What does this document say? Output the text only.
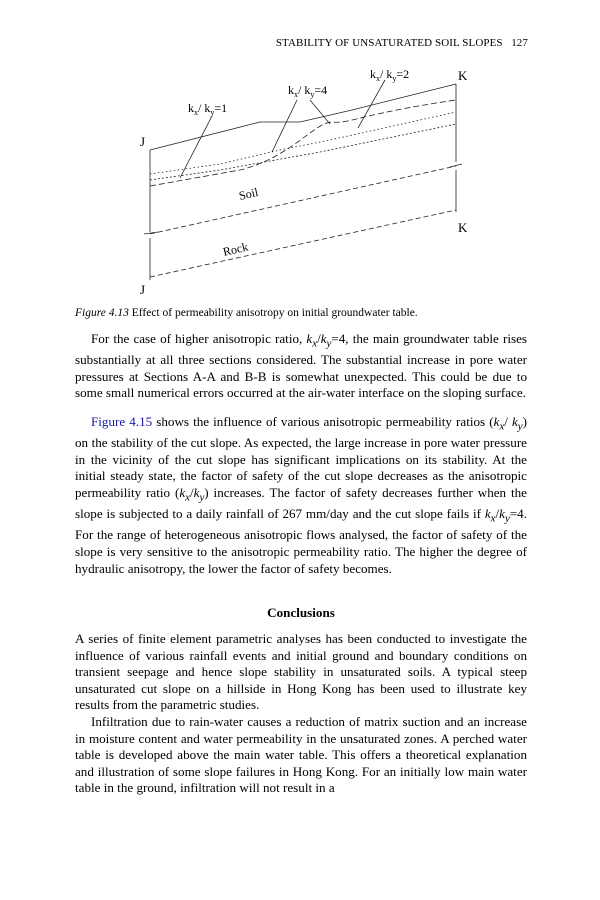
STABILITY OF UNSATURATED SOIL SLOPES 127
J
J
K
K
$k_x/$ $k_y=1$
$k_x/$ $k_y=4$
$k_x/$ $k_y=2$
Soil
Rock
Figure 4.13 Effect of permeability anisotropy on initial groundwater table.

For the case of higher anisotropic ratio, $k_x/k_y=4$, the main groundwater table rises substantially at all three sections considered. The substantial increase in pore water pressures at Sections A-A and B-B is somewhat unexpected. This could be due to some small numerical errors occurred at the air-water interface on the sloping surface.

Figure 4.15 shows the influence of various anisotropic permeability ratios ($k_x/$ $k_y$) on the stability of the cut slope. As expected, the large increase in pore water pressure in the vicinity of the cut slope has significant implications on its stability. At the initial steady state, the factor of safety of the cut slope decreases as the anisotropic permeability ratio $(k_x/k_y)$ increases. The factor of safety decreases further when the slope is subjected to a daily rainfall of 267 mm/day and the cut slope fails if $k_x/k_y=4$. For the range of heterogeneous anisotropic flows analysed, the factor of safety of the slope is very sensitive to the anisotropic permeability ratio. The higher the degree of hydraulic anisotropy, the lower the factor of safety becomes.

Conclusions

A series of finite element parametric analyses has been conducted to investigate the influence of various rainfall events and initial ground and boundary conditions on transient seepage and hence slope stability in unsaturated soils. A typical steep unsaturated cut slope on a hillside in Hong Kong has been used to illustrate key results from the parametric studies.

Infiltration due to rain-water causes a reduction of matrix suction and an increase in moisture content and water permeability in the unsaturated zones. A perched water table is developed above the main water table. This offers a theoretical explanation and illustration of some slope failures in Hong Kong. For an initially low main water table in the ground, infiltration will not result in a
